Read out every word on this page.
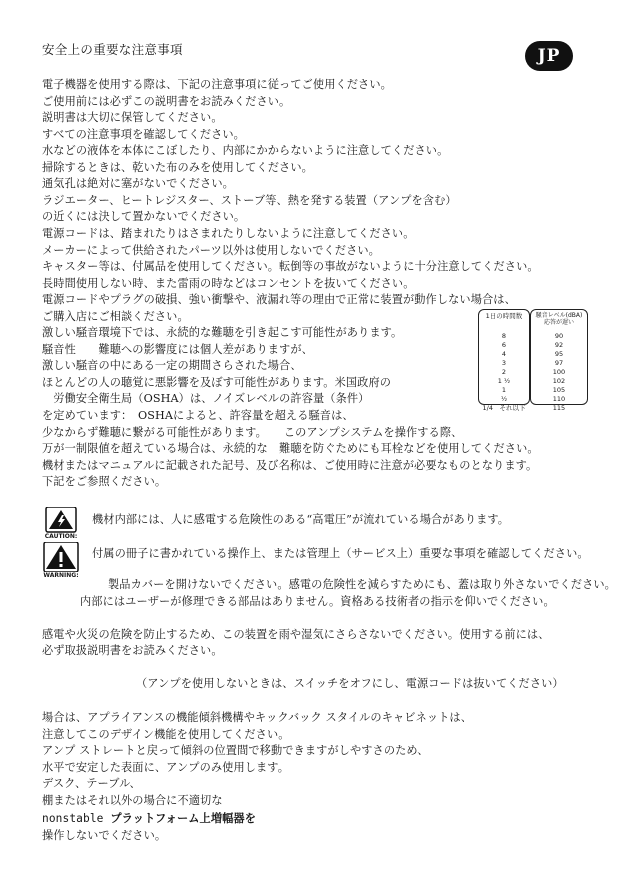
安全上の重要な注意事項	JP
電子機器を使用する際は、下記の注意事項に従ってご使用ください。
ご使用前には必ずこの説明書をお読みください。
説明書は大切に保管してください。
すべての注意事項を確認してください。
水などの液体を本体にこぼしたり、内部にかからないように注意してください。
掃除するときは、乾いた布のみを使用してください。
通気孔は絶対に塞がないでください。
ラジエーター、ヒートレジスター、ストーブ等、熱を発する装置（アンプを含む）
の近くには決して置かないでください。
電源コードは、踏まれたりはさまれたりしないように注意してください。
メーカーによって供給されたパーツ以外は使用しないでください。
キャスター等は、付属品を使用してください。転倒等の事故がないように十分注意してください。
長時間使用しない時、また雷雨の時などはコンセントを抜いてください。
電源コードやプラグの破損、強い衝撃や、液漏れ等の理由で正常に装置が動作しない場合は、
ご購入店にご相談ください。
激しい騒音環境下では、永続的な難聴を引き起こす可能性があります。
騒音性　　難聴への影響度には個人差がありますが、
激しい騒音の中にある一定の期間さらされた場合、
ほとんどの人の聴覚に悪影響を及ぼす可能性があります。米国政府の
　労働安全衛生局（OSHA）は、ノイズレベルの許容量（条件）
を定めています：　OSHAによると、許容量を超える騒音は、
少なからず難聴に繋がる可能性があります。　　このアンプシステムを操作する際、
万が一制限値を超えている場合は、永続的な　難聴を防ぐためにも耳栓などを使用してください。
機材またはマニュアルに記載された記号、及び名称は、ご使用時に注意が必要なものとなります。
下記をご参照ください。
1日の時間数
8
6
4
3
2
1 ½
1
½
1/4　それ以下
騒音レベル(dBA)
応答が遅い
90
92
95
97
100
102
105
110
115
CAUTION:
WARNING:
機材内部には、人に感電する危険性のある“高電圧”が流れている場合があります。
付属の冊子に書かれている操作上、または管理上（サービス上）重要な事項を確認してください。
製品カバーを開けないでください。感電の危険性を減らすためにも、蓋は取り外さないでください。
内部にはユーザーが修理できる部品はありません。資格ある技術者の指示を仰いでください。
感電や火災の危険を防止するため、この装置を雨や湿気にさらさないでください。使用する前には、
必ず取扱説明書をお読みください。
（アンプを使用しないときは、スイッチをオフにし、電源コードは抜いてください）
場合は、アプライアンスの機能傾斜機構やキックバック スタイルのキャビネットは、
注意してこのデザイン機能を使用してください。
アンプ ストレートと戻って傾斜の位置間で移動できますがしやすさのため、
水平で安定した表面に、アンプのみ使用します。
デスク、テーブル、
棚またはそれ以外の場合に不適切な
nonstable プラットフォーム上増幅器を
操作しないでください。
